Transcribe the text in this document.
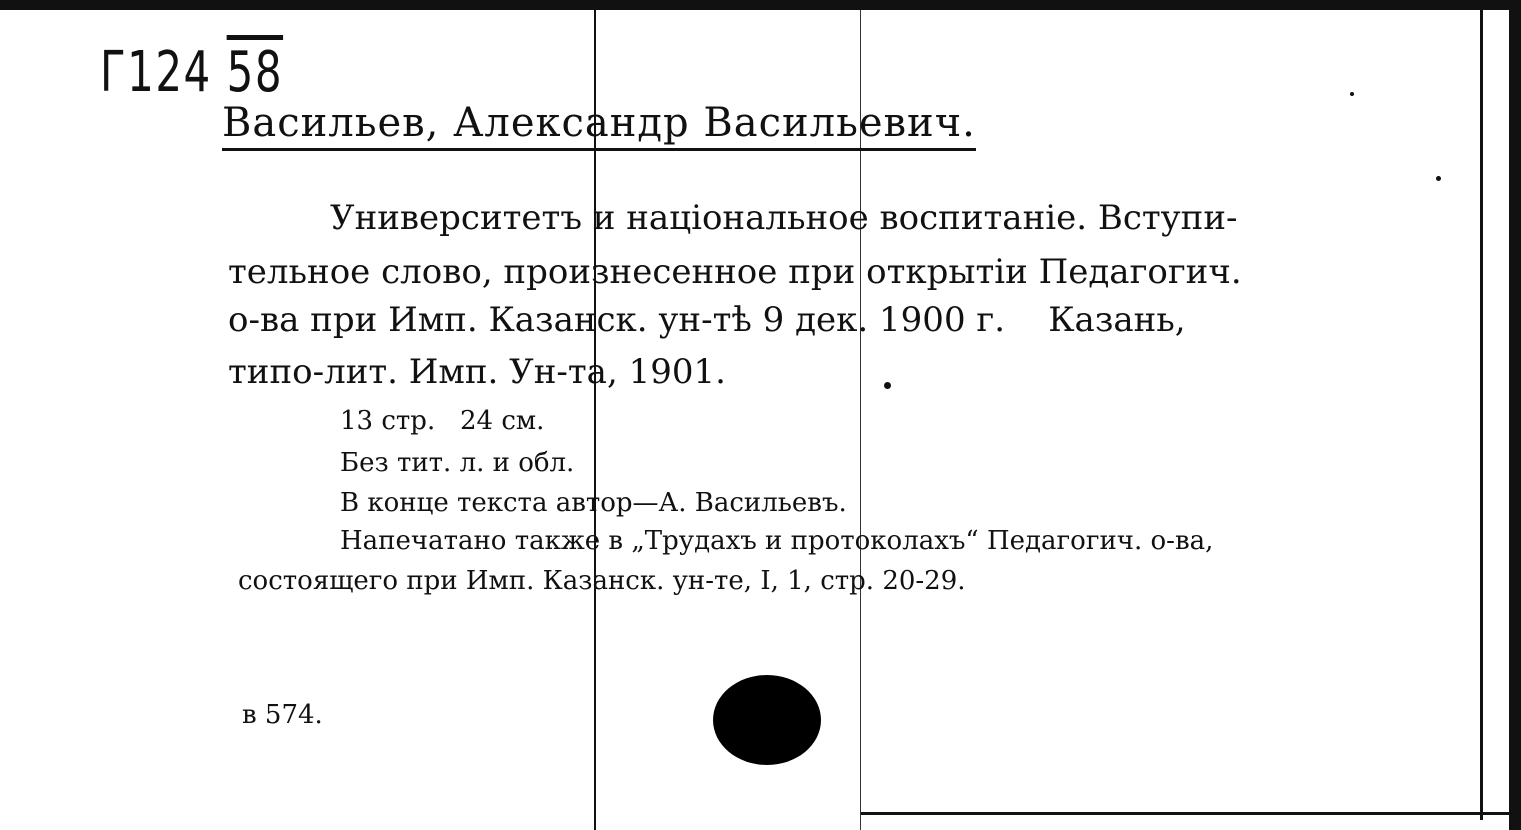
Г124 58
Васильев, Александр Васильевич.
Университетъ и національное воспитаніе. Вступи-
тельное слово, произнесенное при открытіи Педагогич.
о-ва при Имп. Казанск. ун-тѣ 9 дек. 1900 г.    Казань,
типо-лит. Имп. Ун-та, 1901.
13 стр.   24 см.
Без тит. л. и обл.
В конце текста автор—А. Васильевъ.
Напечатано также в „Трудахъ и протоколахъ“ Педагогич. о-ва,
состоящего при Имп. Казанск. ун-те, I, 1, стр. 20-29.
в 574.
